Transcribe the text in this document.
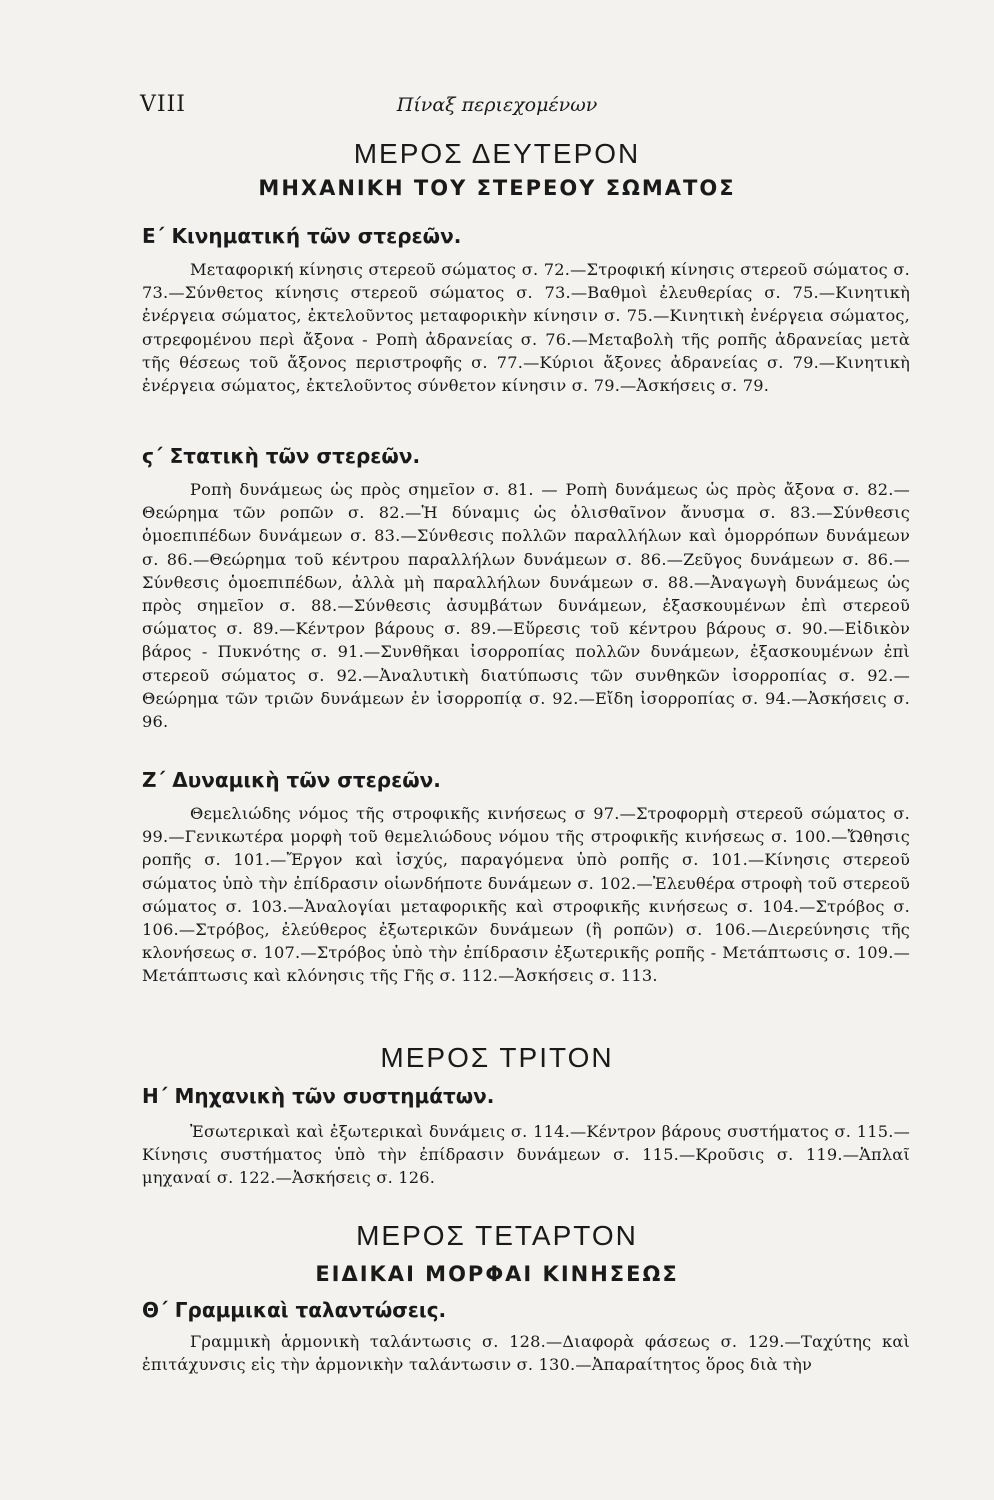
VIII	Πίναξ περιεχομένων
ΜΕΡΟΣ ΔΕΥΤΕΡΟΝ
ΜΗΧΑΝΙΚΗ ΤΟΥ ΣΤΕΡΕΟΥ ΣΩΜΑΤΟΣ
Ε΄ Κινηματική τῶν στερεῶν.

Μεταφορική κίνησις στερεοῦ σώματος σ. 72.—Στροφική κίνησις στερεοῦ σώματος σ. 73.—Σύνθετος κίνησις στερεοῦ σώματος σ. 73.—Βαθμοὶ ἐλευθερίας σ. 75.—Κινητικὴ ἐνέργεια σώματος, ἐκτελοῦντος μεταφορικὴν κίνησιν σ. 75.—Κινητικὴ ἐνέργεια σώματος, στρεφομένου περὶ ἄξονα - Ροπὴ ἀδρανείας σ. 76.—Μεταβολὴ τῆς ροπῆς ἀδρανείας μετὰ τῆς θέσεως τοῦ ἄξονος περιστροφῆς σ. 77.—Κύριοι ἄξονες ἀδρανείας σ. 79.—Κινητικὴ ἐνέργεια σώματος, ἐκτελοῦντος σύνθετον κίνησιν σ. 79.—Ἀσκήσεις σ. 79.

ϛ΄ Στατικὴ τῶν στερεῶν.

Ροπὴ δυνάμεως ὡς πρὸς σημεῖον σ. 81. — Ροπὴ δυνάμεως ὡς πρὸς ἄξονα σ. 82.—Θεώρημα τῶν ροπῶν σ. 82.—Ἡ δύναμις ὡς ὀλισθαῖνον ἄνυσμα σ. 83.—Σύνθεσις ὁμοεπιπέδων δυνάμεων σ. 83.—Σύνθεσις πολλῶν παραλλήλων καὶ ὁμορρόπων δυνάμεων σ. 86.—Θεώρημα τοῦ κέντρου παραλλήλων δυνάμεων σ. 86.—Ζεῦγος δυνάμεων σ. 86.—Σύνθεσις ὁμοεπιπέδων, ἀλλὰ μὴ παραλλήλων δυνάμεων σ. 88.—Ἀναγωγὴ δυνάμεως ὡς πρὸς σημεῖον σ. 88.—Σύνθεσις ἀσυμβάτων δυνάμεων, ἐξασκουμένων ἐπὶ στερεοῦ σώματος σ. 89.—Κέντρον βάρους σ. 89.—Εὕρεσις τοῦ κέντρου βάρους σ. 90.—Εἰδικὸν βάρος - Πυκνότης σ. 91.—Συνθῆκαι ἰσορροπίας πολλῶν δυνάμεων, ἐξασκουμένων ἐπὶ στερεοῦ σώματος σ. 92.—Ἀναλυτικὴ διατύπωσις τῶν συνθηκῶν ἰσορροπίας σ. 92.—Θεώρημα τῶν τριῶν δυνάμεων ἐν ἰσορροπίᾳ σ. 92.—Εἴδη ἰσορροπίας σ. 94.—Ἀσκήσεις σ. 96.

Ζ΄ Δυναμικὴ τῶν στερεῶν.

Θεμελιώδης νόμος τῆς στροφικῆς κινήσεως σ 97.—Στροφορμὴ στερεοῦ σώματος σ. 99.—Γενικωτέρα μορφὴ τοῦ θεμελιώδους νόμου τῆς στροφικῆς κινήσεως σ. 100.—Ὤθησις ροπῆς σ. 101.—Ἔργον καὶ ἰσχύς, παραγόμενα ὑπὸ ροπῆς σ. 101.—Κίνησις στερεοῦ σώματος ὑπὸ τὴν ἐπίδρασιν οἱωνδήποτε δυνάμεων σ. 102.—Ἐλευθέρα στροφὴ τοῦ στερεοῦ σώματος σ. 103.—Ἀναλογίαι μεταφορικῆς καὶ στροφικῆς κινήσεως σ. 104.—Στρόβος σ. 106.—Στρόβος, ἐλεύθερος ἐξωτερικῶν δυνάμεων (ἢ ροπῶν) σ. 106.—Διερεύνησις τῆς κλονήσεως σ. 107.—Στρόβος ὑπὸ τὴν ἐπίδρασιν ἐξωτερικῆς ροπῆς - Μετάπτωσις σ. 109.—Μετάπτωσις καὶ κλόνησις τῆς Γῆς σ. 112.—Ἀσκήσεις σ. 113.

ΜΕΡΟΣ ΤΡΙΤΟΝ
Η΄ Μηχανικὴ τῶν συστημάτων.

Ἐσωτερικαὶ καὶ ἐξωτερικαὶ δυνάμεις σ. 114.—Κέντρον βάρους συστήματος σ. 115.—Κίνησις συστήματος ὑπὸ τὴν ἐπίδρασιν δυνάμεων σ. 115.—Κροῦσις σ. 119.—Ἁπλαῖ μηχαναί σ. 122.—Ἀσκήσεις σ. 126.

ΜΕΡΟΣ ΤΕΤΑΡΤΟΝ
ΕΙΔΙΚΑΙ ΜΟΡΦΑΙ ΚΙΝΗΣΕΩΣ
Θ΄ Γραμμικαὶ ταλαντώσεις.

Γραμμικὴ ἁρμονικὴ ταλάντωσις σ. 128.—Διαφορὰ φάσεως σ. 129.—Ταχύτης καὶ ἐπιτάχυνσις εἰς τὴν ἁρμονικὴν ταλάντωσιν σ. 130.—Ἀπαραίτητος ὅρος διὰ τὴν
